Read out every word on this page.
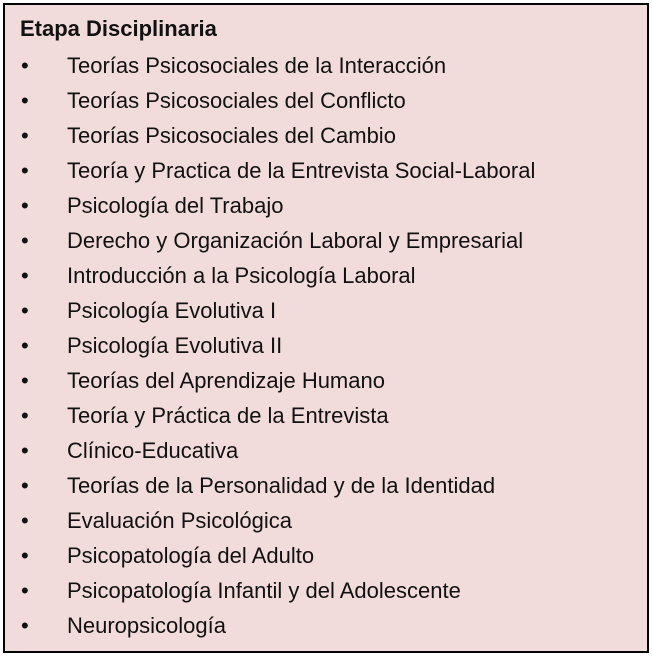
Etapa Disciplinaria
•	Teorías Psicosociales de la Interacción
•	Teorías Psicosociales del Conflicto
•	Teorías Psicosociales del Cambio
•	Teoría y Practica de la Entrevista Social-Laboral
•	Psicología del Trabajo
•	Derecho y Organización Laboral y Empresarial
•	Introducción a la Psicología Laboral
•	Psicología Evolutiva I
•	Psicología Evolutiva II
•	Teorías del Aprendizaje Humano
•	Teoría y Práctica de la Entrevista
•	Clínico-Educativa
•	Teorías de la Personalidad y de la Identidad
•	Evaluación Psicológica
•	Psicopatología del Adulto
•	Psicopatología Infantil y del Adolescente
•	Neuropsicología
